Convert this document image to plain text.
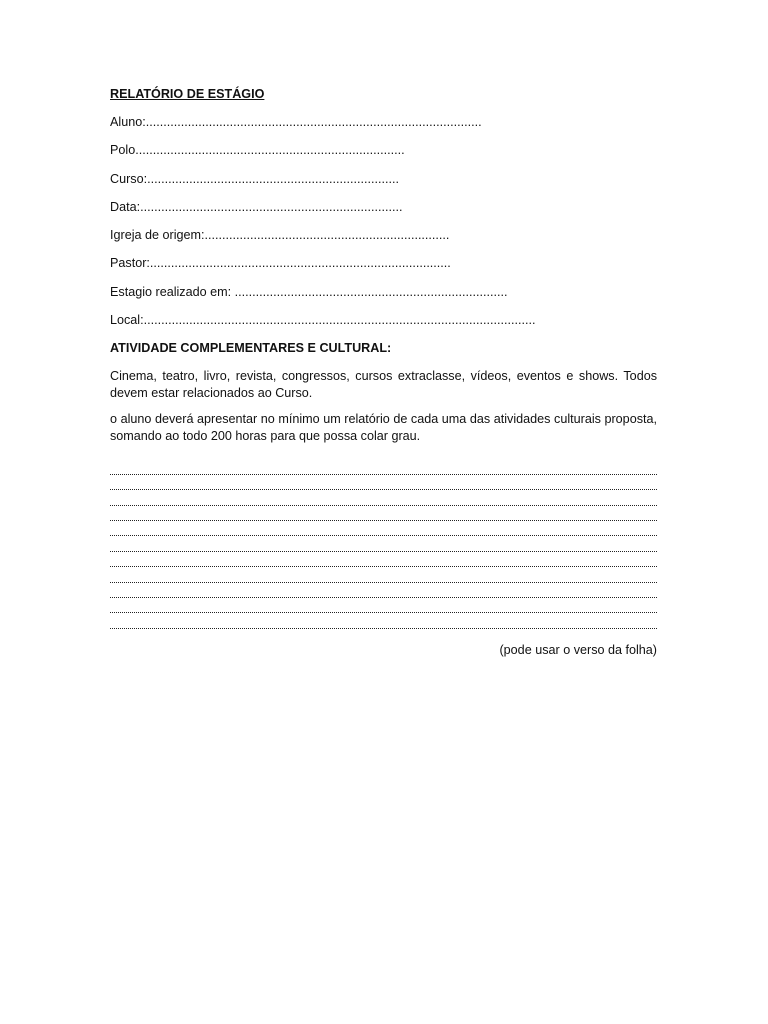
RELATÓRIO DE ESTÁGIO
Aluno:................................................................................................
Polo.............................................................................
Curso:........................................................................
Data:...........................................................................
Igreja de origem:......................................................................
Pastor:......................................................................................
Estagio realizado em: ..............................................................................
Local:................................................................................................................
ATIVIDADE COMPLEMENTARES E CULTURAL:

Cinema, teatro, livro, revista, congressos, cursos extraclasse, vídeos, eventos e shows. Todos devem estar relacionados ao Curso.

o aluno deverá apresentar no mínimo um relatório de cada uma das atividades culturais proposta, somando ao todo 200 horas para que possa colar grau.

(pode usar o verso da folha)
